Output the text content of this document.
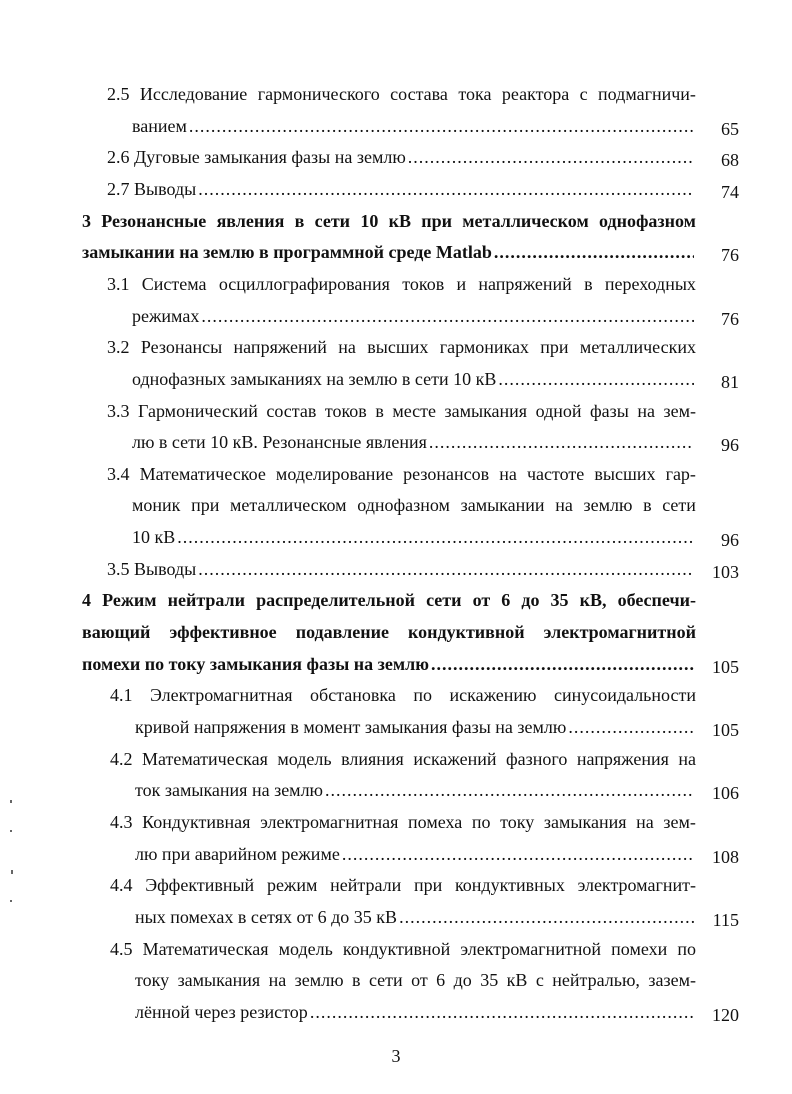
2.5 Исследование гармонического состава тока реактора с подмагничи-
ванием .....	65
2.6 Дуговые замыкания фазы на землю .....	68
2.7 Выводы .....	74
3 Резонансные явления в сети 10 кВ при металлическом однофазном
замыкании на землю в программной среде Matlab .....	76
3.1 Система осциллографирования токов и напряжений в переходных
режимах .....	76
3.2 Резонансы напряжений на высших гармониках при металлических
однофазных замыканиях на землю в сети 10 кВ .....	81
3.3 Гармонический состав токов в месте замыкания одной фазы на зем-
лю в сети 10 кВ. Резонансные явления .....	96
3.4 Математическое моделирование резонансов на частоте высших гар-
моник при металлическом однофазном замыкании на землю в сети
10 кВ .....	96
3.5 Выводы .....	103
4 Режим нейтрали распределительной сети от 6 до 35 кВ, обеспечи-
вающий эффективное подавление кондуктивной электромагнитной
помехи по току замыкания фазы на землю .....	105
4.1 Электромагнитная обстановка по искажению синусоидальности
кривой напряжения в момент замыкания фазы на землю .....	105
4.2 Математическая модель влияния искажений фазного напряжения на
ток замыкания на землю .....	106
4.3 Кондуктивная электромагнитная помеха по току замыкания на зем-
лю при аварийном режиме .....	108
4.4 Эффективный режим нейтрали при кондуктивных электромагнит-
ных помехах в сетях от 6 до 35 кВ .....	115
4.5 Математическая модель кондуктивной электромагнитной помехи по
току замыкания на землю в сети от 6 до 35 кВ с нейтралью, зазем-
лённой через резистор .....	120
3
